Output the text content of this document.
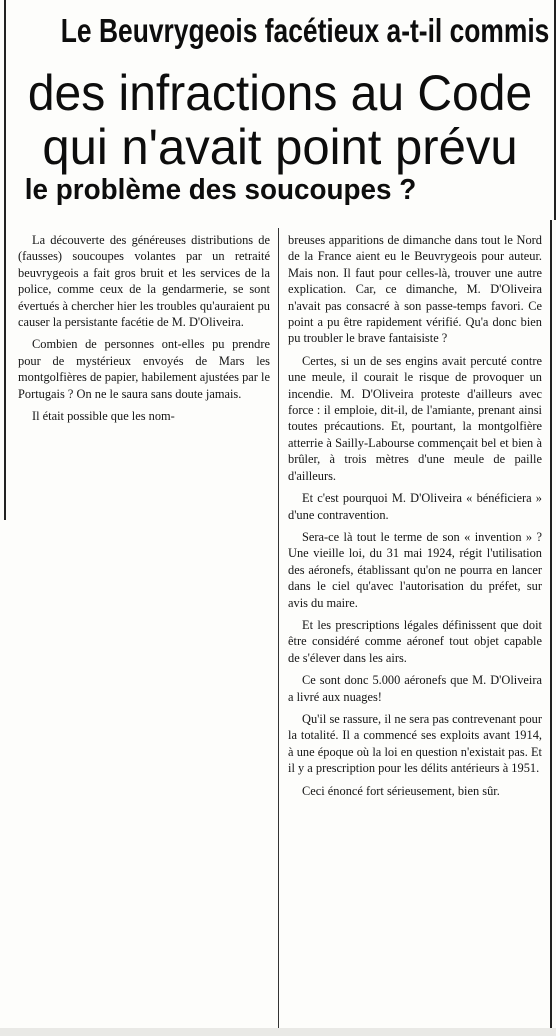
Le Beuvrygeois facétieux a-t-il commis
des infractions au Code
qui n'avait point prévu
le problème des soucoupes ?

La découverte des généreuses distributions de (fausses) soucoupes volantes par un retraité beuvrygeois a fait gros bruit et les services de la police, comme ceux de la gendarmerie, se sont évertués à chercher hier les troubles qu'auraient pu causer la persistante facétie de M. D'Oliveira.

Combien de personnes ont-elles pu prendre pour de mystérieux envoyés de Mars les montgolfières de papier, habilement ajustées par le Portugais ? On ne le saura sans doute jamais.

Il était possible que les nom-

breuses apparitions de dimanche dans tout le Nord de la France aient eu le Beuvrygeois pour auteur. Mais non. Il faut pour celles-là, trouver une autre explication. Car, ce dimanche, M. D'Oliveira n'avait pas consacré à son passe-temps favori. Ce point a pu être rapidement vérifié. Qu'a donc bien pu troubler le brave fantaisiste ?

Certes, si un de ses engins avait percuté contre une meule, il courait le risque de provoquer un incendie. M. D'Oliveira proteste d'ailleurs avec force : il emploie, dit-il, de l'amiante, prenant ainsi toutes précautions. Et, pourtant, la montgolfière atterrie à Sailly-Labourse commençait bel et bien à brûler, à trois mètres d'une meule de paille d'ailleurs.

Et c'est pourquoi M. D'Oliveira « bénéficiera » d'une contravention.

Sera-ce là tout le terme de son « invention » ? Une vieille loi, du 31 mai 1924, régit l'utilisation des aéronefs, établissant qu'on ne pourra en lancer dans le ciel qu'avec l'autorisation du préfet, sur avis du maire.

Et les prescriptions légales définissent que doit être considéré comme aéronef tout objet capable de s'élever dans les airs.

Ce sont donc 5.000 aéronefs que M. D'Oliveira a livré aux nuages!

Qu'il se rassure, il ne sera pas contrevenant pour la totalité. Il a commencé ses exploits avant 1914, à une époque où la loi en question n'existait pas. Et il y a prescription pour les délits antérieurs à 1951.

Ceci énoncé fort sérieusement, bien sûr.
